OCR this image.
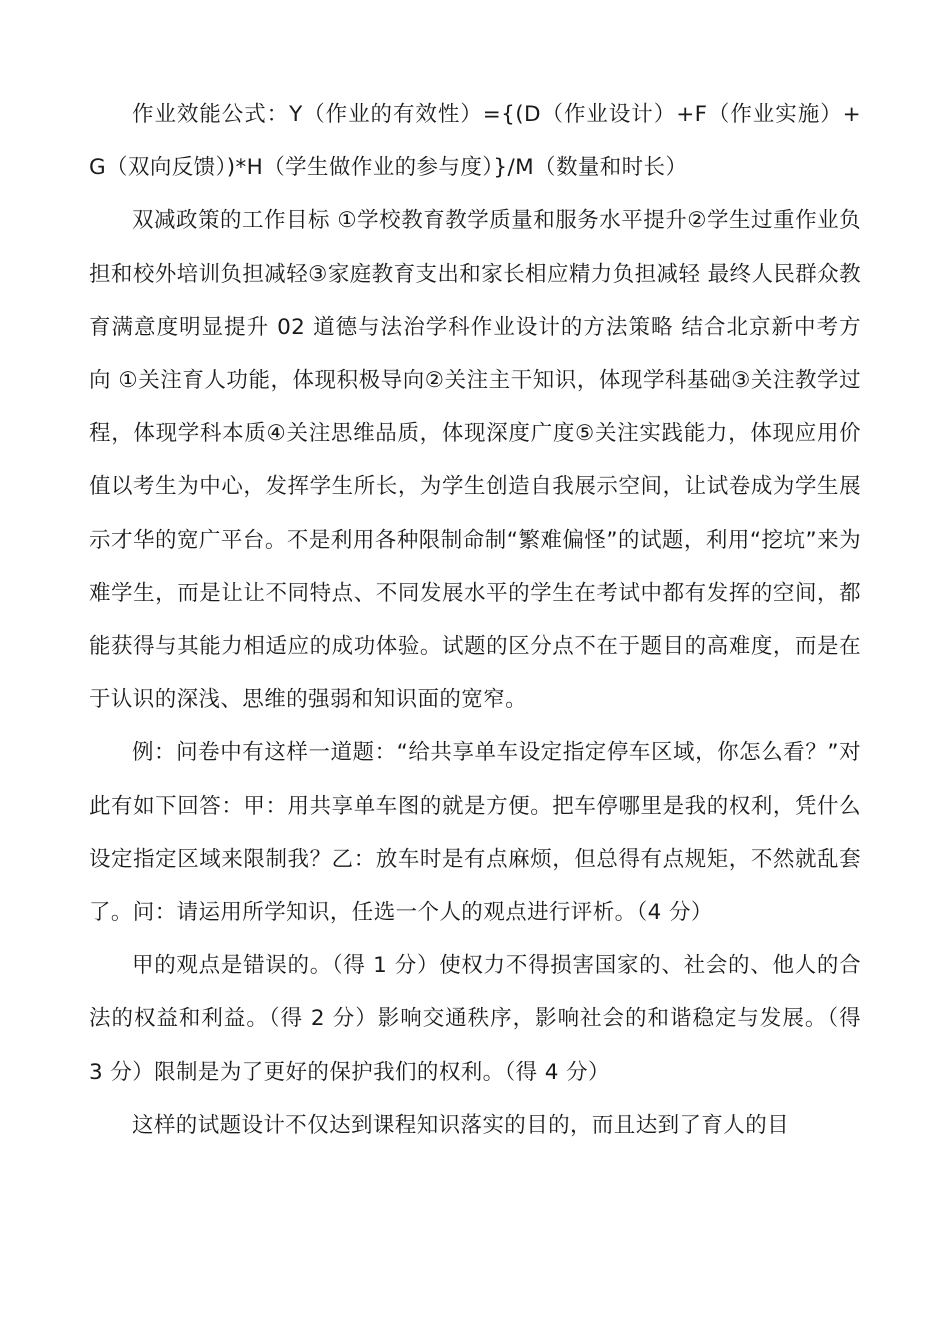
作业效能公式：Y（作业的有效性）={(D（作业设计）+F（作业实施）+G（双向反馈）)*H（学生做作业的参与度）}/M（数量和时长）

双减政策的工作目标 ①学校教育教学质量和服务水平提升②学生过重作业负担和校外培训负担减轻③家庭教育支出和家长相应精力负担减轻 最终人民群众教育满意度明显提升 02 道德与法治学科作业设计的方法策略 结合北京新中考方向 ①关注育人功能，体现积极导向②关注主干知识，体现学科基础③关注教学过程，体现学科本质④关注思维品质，体现深度广度⑤关注实践能力，体现应用价值以考生为中心，发挥学生所长，为学生创造自我展示空间，让试卷成为学生展示才华的宽广平台。不是利用各种限制命制“繁难偏怪”的试题，利用“挖坑”来为难学生，而是让让不同特点、不同发展水平的学生在考试中都有发挥的空间，都能获得与其能力相适应的成功体验。试题的区分点不在于题目的高难度，而是在于认识的深浅、思维的强弱和知识面的宽窄。

例：问卷中有这样一道题：“给共享单车设定指定停车区域，你怎么看？”对此有如下回答：甲：用共享单车图的就是方便。把车停哪里是我的权利，凭什么设定指定区域来限制我？乙：放车时是有点麻烦，但总得有点规矩，不然就乱套了。问：请运用所学知识，任选一个人的观点进行评析。（4 分）

甲的观点是错误的。（得 1 分）使权力不得损害国家的、社会的、他人的合法的权益和利益。（得 2 分）影响交通秩序，影响社会的和谐稳定与发展。（得 3 分）限制是为了更好的保护我们的权利。（得 4 分）

这样的试题设计不仅达到课程知识落实的目的，而且达到了育人的目
